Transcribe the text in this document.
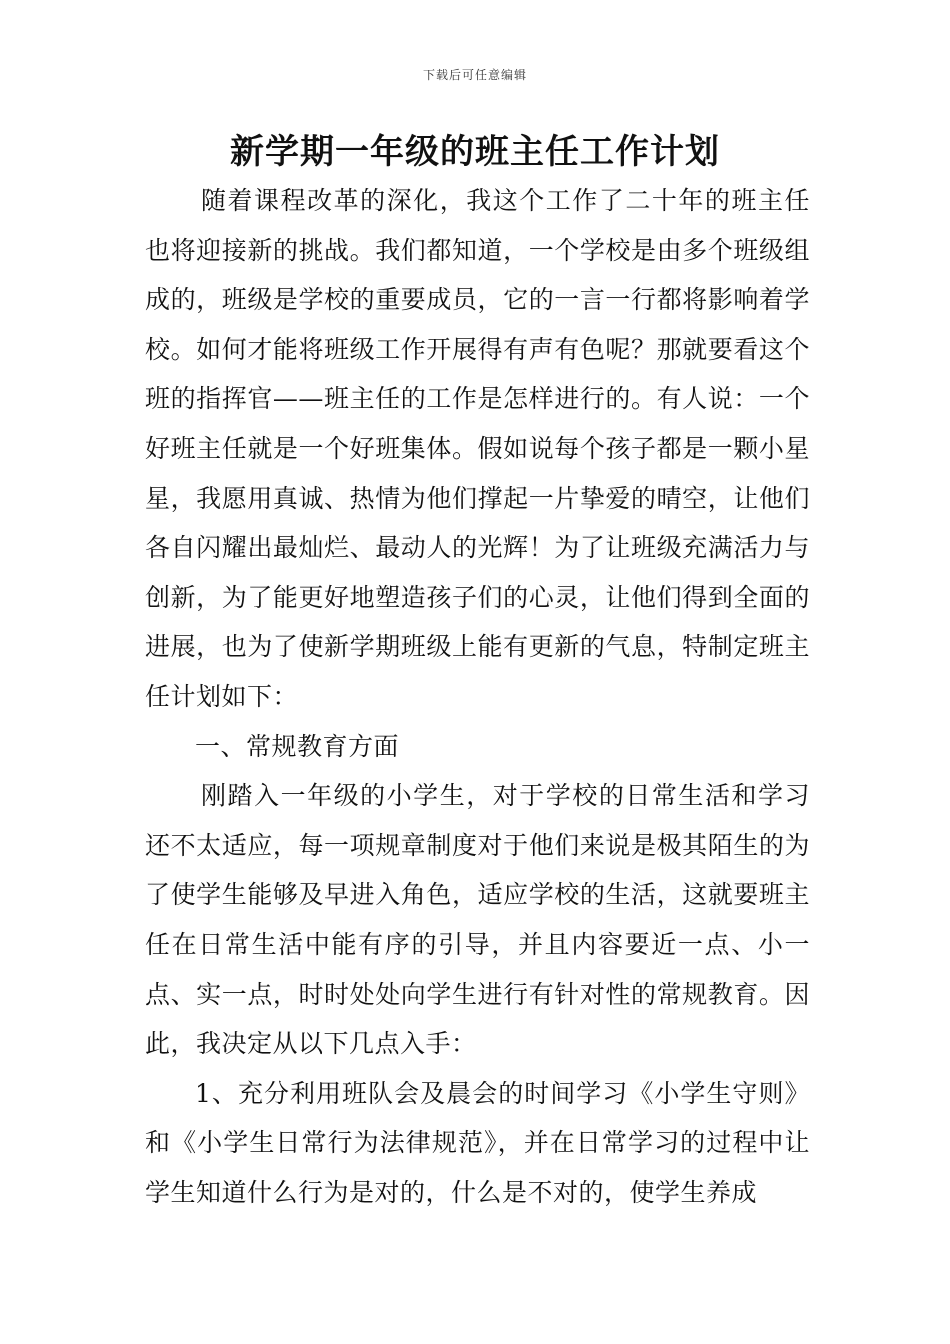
下载后可任意编辑
新学期一年级的班主任工作计划

随着课程改革的深化，我这个工作了二十年的班主任也将迎接新的挑战。我们都知道，一个学校是由多个班级组成的，班级是学校的重要成员，它的一言一行都将影响着学校。如何才能将班级工作开展得有声有色呢？那就要看这个班的指挥官——班主任的工作是怎样进行的。有人说：一个好班主任就是一个好班集体。假如说每个孩子都是一颗小星星，我愿用真诚、热情为他们撑起一片挚爱的晴空，让他们各自闪耀出最灿烂、最动人的光辉！为了让班级充满活力与创新，为了能更好地塑造孩子们的心灵，让他们得到全面的进展，也为了使新学期班级上能有更新的气息，特制定班主任计划如下：

一、常规教育方面

刚踏入一年级的小学生，对于学校的日常生活和学习还不太适应，每一项规章制度对于他们来说是极其陌生的为了使学生能够及早进入角色，适应学校的生活，这就要班主任在日常生活中能有序的引导，并且内容要近一点、小一点、实一点，时时处处向学生进行有针对性的常规教育。因此，我决定从以下几点入手：

1、充分利用班队会及晨会的时间学习《小学生守则》和《小学生日常行为法律规范》，并在日常学习的过程中让学生知道什么行为是对的，什么是不对的，使学生养成
